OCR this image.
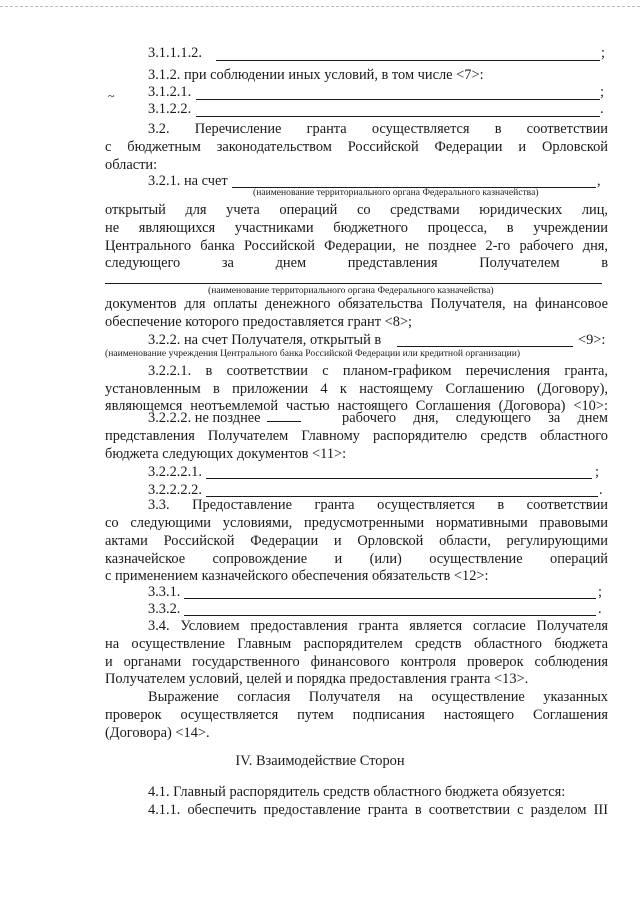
~
3.1.1.1.2.	;
3.1.2. при соблюдении иных условий, в том числе <7>:
3.1.2.1.	;
3.1.2.2.	.
3.2. Перечисление гранта осуществляется в соответствии
с бюджетным законодательством Российской Федерации и Орловской
области:
3.2.1. на счет	,
(наименование территориального органа Федерального казначейства)
открытый для учета операций со средствами юридических лиц,
не являющихся участниками бюджетного процесса, в учреждении
Центрального банка Российской Федерации, не позднее 2-го рабочего дня,
следующего за днем представления Получателем в
(наименование территориального органа Федерального казначейства)
документов для оплаты денежного обязательства Получателя, на финансовое
обеспечение которого предоставляется грант <8>;
3.2.2. на счет Получателя, открытый в	<9>:
(наименование учреждения Центрального банка Российской Федерации или кредитной организации)
3.2.2.1. в соответствии с планом-графиком перечисления гранта,
установленным в приложении 4 к настоящему Соглашению (Договору),
являющемся неотъемлемой частью настоящего Соглашения (Договора) <10>:
3.2.2.2. не позднее	рабочего дня, следующего за днем
представления Получателем Главному распорядителю средств областного
бюджета следующих документов <11>:
3.2.2.2.1.	;
3.2.2.2.2.	.
3.3. Предоставление гранта осуществляется в соответствии
со следующими условиями, предусмотренными нормативными правовыми
актами Российской Федерации и Орловской области, регулирующими
казначейское сопровождение и (или) осуществление операций
с применением казначейского обеспечения обязательств <12>:
3.3.1.	;
3.3.2.	.
3.4. Условием предоставления гранта является согласие Получателя
на осуществление Главным распорядителем средств областного бюджета
и органами государственного финансового контроля проверок соблюдения
Получателем условий, целей и порядка предоставления гранта <13>.
Выражение согласия Получателя на осуществление указанных
проверок осуществляется путем подписания настоящего Соглашения
(Договора) <14>.
IV. Взаимодействие Сторон
4.1. Главный распорядитель средств областного бюджета обязуется:
4.1.1. обеспечить предоставление гранта в соответствии с разделом III
